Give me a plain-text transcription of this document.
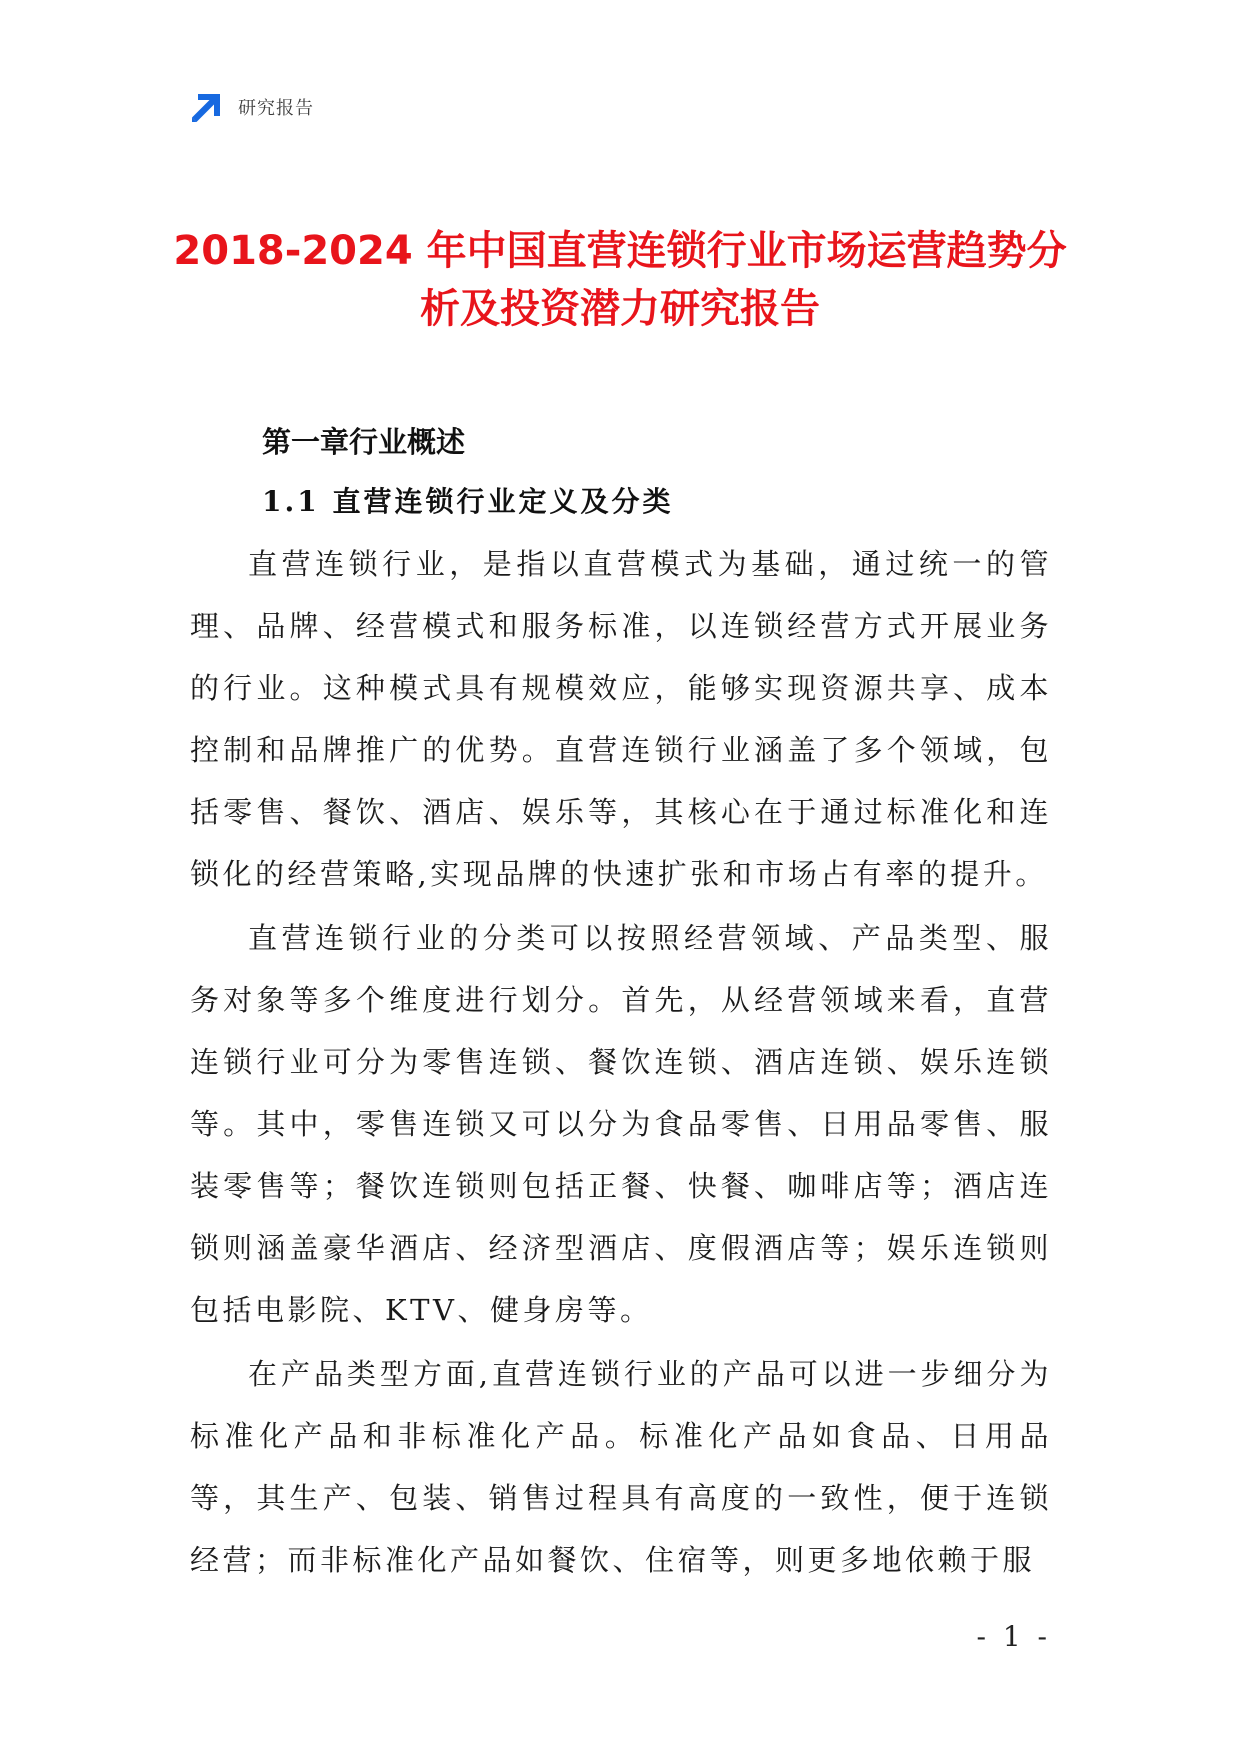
研究报告
2018-2024 年中国直营连锁行业市场运营趋势分析及投资潜力研究报告
第一章行业概述
1.1 直营连锁行业定义及分类

直营连锁行业，是指以直营模式为基础，通过统一的管理、品牌、经营模式和服务标准，以连锁经营方式开展业务的行业。这种模式具有规模效应，能够实现资源共享、成本控制和品牌推广的优势。直营连锁行业涵盖了多个领域，包括零售、餐饮、酒店、娱乐等，其核心在于通过标准化和连锁化的经营策略,实现品牌的快速扩张和市场占有率的提升。

直营连锁行业的分类可以按照经营领域、产品类型、服务对象等多个维度进行划分。首先，从经营领域来看，直营连锁行业可分为零售连锁、餐饮连锁、酒店连锁、娱乐连锁等。其中，零售连锁又可以分为食品零售、日用品零售、服装零售等；餐饮连锁则包括正餐、快餐、咖啡店等；酒店连锁则涵盖豪华酒店、经济型酒店、度假酒店等；娱乐连锁则包括电影院、KTV、健身房等。

在产品类型方面,直营连锁行业的产品可以进一步细分为标准化产品和非标准化产品。标准化产品如食品、日用品等，其生产、包装、销售过程具有高度的一致性，便于连锁经营；而非标准化产品如餐饮、住宿等，则更多地依赖于服

- 1 -
